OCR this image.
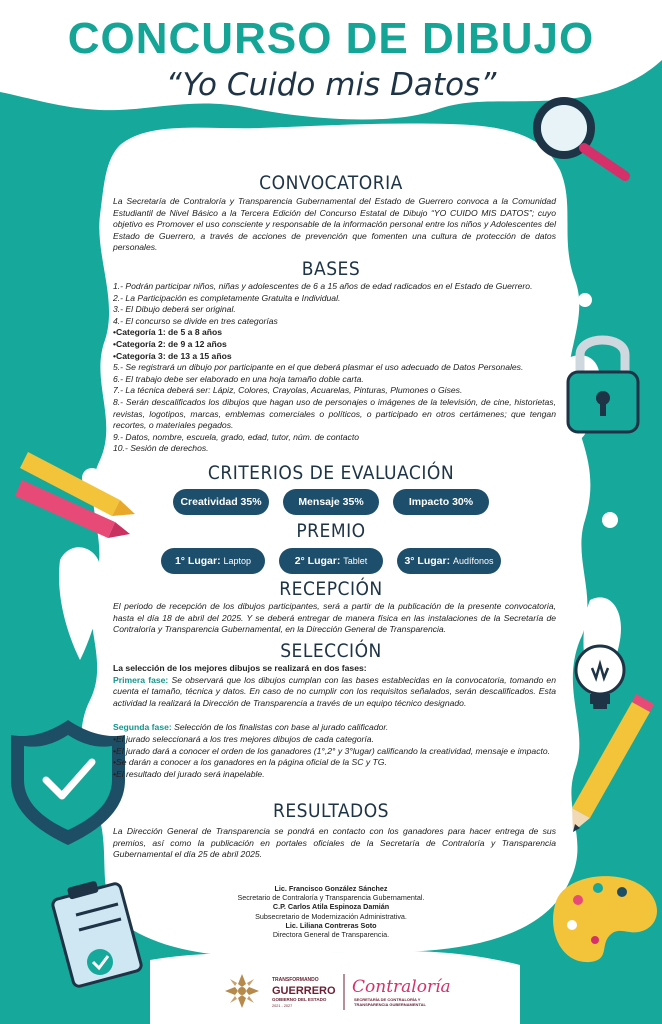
CONCURSO DE DIBUJO
“Yo Cuido mis Datos”
CONVOCATORIA
La Secretaría de Contraloría y Transparencia Gubernamental del Estado de Guerrero convoca a la Comunidad Estudiantil de Nivel Básico a la Tercera Edición del Concurso Estatal de Dibujo “YO CUIDO MIS DATOS”; cuyo objetivo es Promover el uso consciente y responsable de la información personal entre los niños y Adolescentes del Estado de Guerrero, a través de acciones de prevención que fomenten una cultura de protección de datos personales.
BASES

1.- Podrán participar niños, niñas y adolescentes de 6 a 15 años de edad radicados en el Estado de Guerrero.

2.- La Participación es completamente Gratuita e Individual.

3.- El Dibujo deberá ser original.

4.- El concurso se divide en tres categorías

•Categoría 1: de 5 a 8 años

•Categoría 2: de 9 a 12 años

•Categoría 3: de 13 a 15 años

5.- Se registrará un dibujo por participante en el que deberá plasmar el uso adecuado de Datos Personales.

6.- El trabajo debe ser elaborado en una hoja tamaño doble carta.

7.- La técnica deberá ser: Lápiz, Colores, Crayolas, Acuarelas, Pinturas, Plumones o Gises.

8.- Serán descalificados los dibujos que hagan uso de personajes o imágenes de la televisión, de cine, historietas, revistas, logotipos, marcas, emblemas comerciales o políticos, o participado en otros certámenes; que tengan recortes, o materiales pegados.

9.- Datos, nombre, escuela, grado, edad, tutor, núm. de contacto

10.- Sesión de derechos.

CRITERIOS DE EVALUACIÓN
Creatividad 35%	Mensaje 35%	Impacto 30%
PREMIO
1° Lugar: Laptop	2° Lugar: Tablet	3° Lugar: Audífonos
RECEPCIÓN
El periodo de recepción de los dibujos participantes, será a partir de la publicación de la presente convocatoria, hasta el día 18 de abril del 2025. Y se deberá entregar de manera física en las instalaciones de la Secretaría de Contraloría y Transparencia Gubernamental, en la Dirección General de Transparencia.
SELECCIÓN

La selección de los mejores dibujos se realizará en dos fases:

Primera fase: Se observará que los dibujos cumplan con las bases establecidas en la convocatoria, tomando en cuenta el tamaño, técnica y datos. En caso de no cumplir con los requisitos señalados, serán descalificados. Esta actividad la realizará la Dirección de Transparencia a través de un equipo técnico designado.

Segunda fase: Selección de los finalistas con base al jurado calificador.

•El jurado seleccionará a los tres mejores dibujos de cada categoría.

•El jurado dará a conocer el orden de los ganadores (1°,2° y 3°lugar) calificando la creatividad, mensaje e impacto.

•Se darán a conocer a los ganadores en la página oficial de la SC y TG.

•El resultado del jurado será inapelable.

RESULTADOS
La Dirección General de Transparencia se pondrá en contacto con los ganadores para hacer entrega de sus premios, así como la publicación en portales oficiales de la Secretaría de Contraloría y Transparencia Gubernamental el día 25 de abril 2025.

Lic. Francisco González Sánchez

Secretario de Contraloría y Transparencia Gubernamental.

C.P. Carlos Atila Espinoza Damián

Subsecretario de Modernización Administrativa.

Lic. Liliana Contreras Soto

Directora General de Transparencia.

TRANSFORMANDO
GUERRERO
GOBIERNO DEL ESTADO
2021 - 2027
Contraloría
SECRETARÍA DE CONTRALORÍA Y
TRANSPARENCIA GUBERNAMENTAL
